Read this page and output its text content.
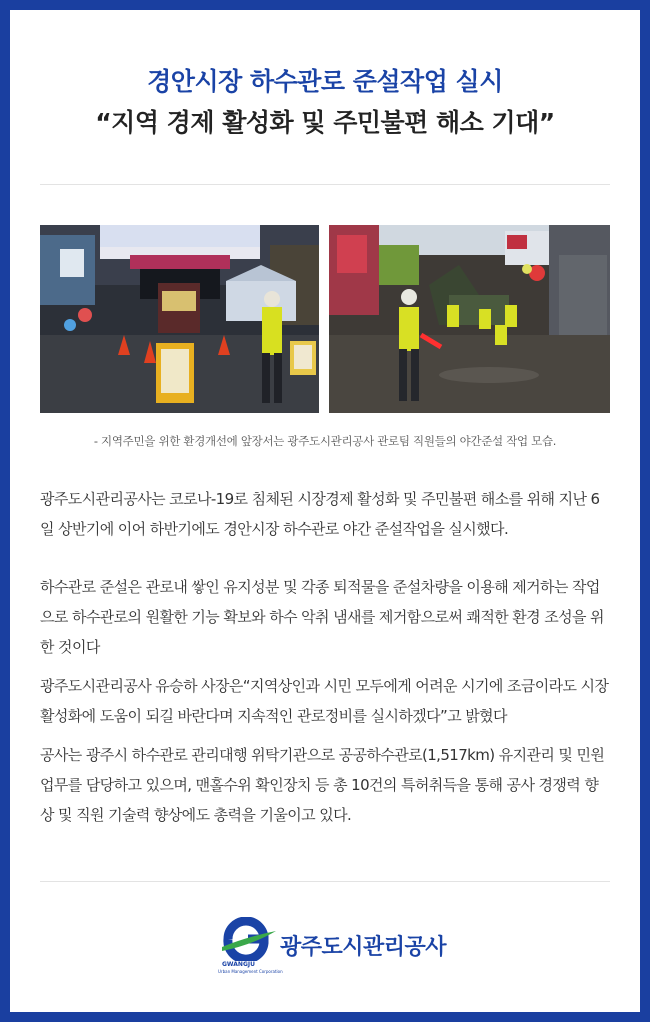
경안시장 하수관로 준설작업 실시
“지역 경제 활성화 및 주민불편 해소 기대”
- 지역주민을 위한 환경개선에 앞장서는 광주도시관리공사 관로팀 직원들의 야간준설 작업 모습.

광주도시관리공사는 코로나-19로 침체된 시장경제 활성화 및 주민불편 해소를 위해 지난 6일 상반기에 이어 하반기에도 경안시장 하수관로 야간 준설작업을 실시했다.

하수관로 준설은 관로내 쌓인 유지성분 및 각종 퇴적물을 준설차량을 이용해 제거하는 작업으로 하수관로의 원활한 기능 확보와 하수 악취 냄새를 제거함으로써 쾌적한 환경 조성을 위한 것이다

광주도시관리공사 유승하 사장은“지역상인과 시민 모두에게 어려운 시기에 조금이라도 시장 활성화에 도움이 되길 바란다며 지속적인 관로정비를 실시하겠다”고 밝혔다

공사는 광주시 하수관로 관리대행 위탁기관으로 공공하수관로(1,517km) 유지관리 및 민원업무를 담당하고 있으며, 맨홀수위 확인장치 등 총 10건의 특허취득을 통해 공사 경쟁력 향상 및 직원 기술력 향상에도 총력을 기울이고 있다.

광주도시관리공사
GWANGJU
Urban Management Corporation
